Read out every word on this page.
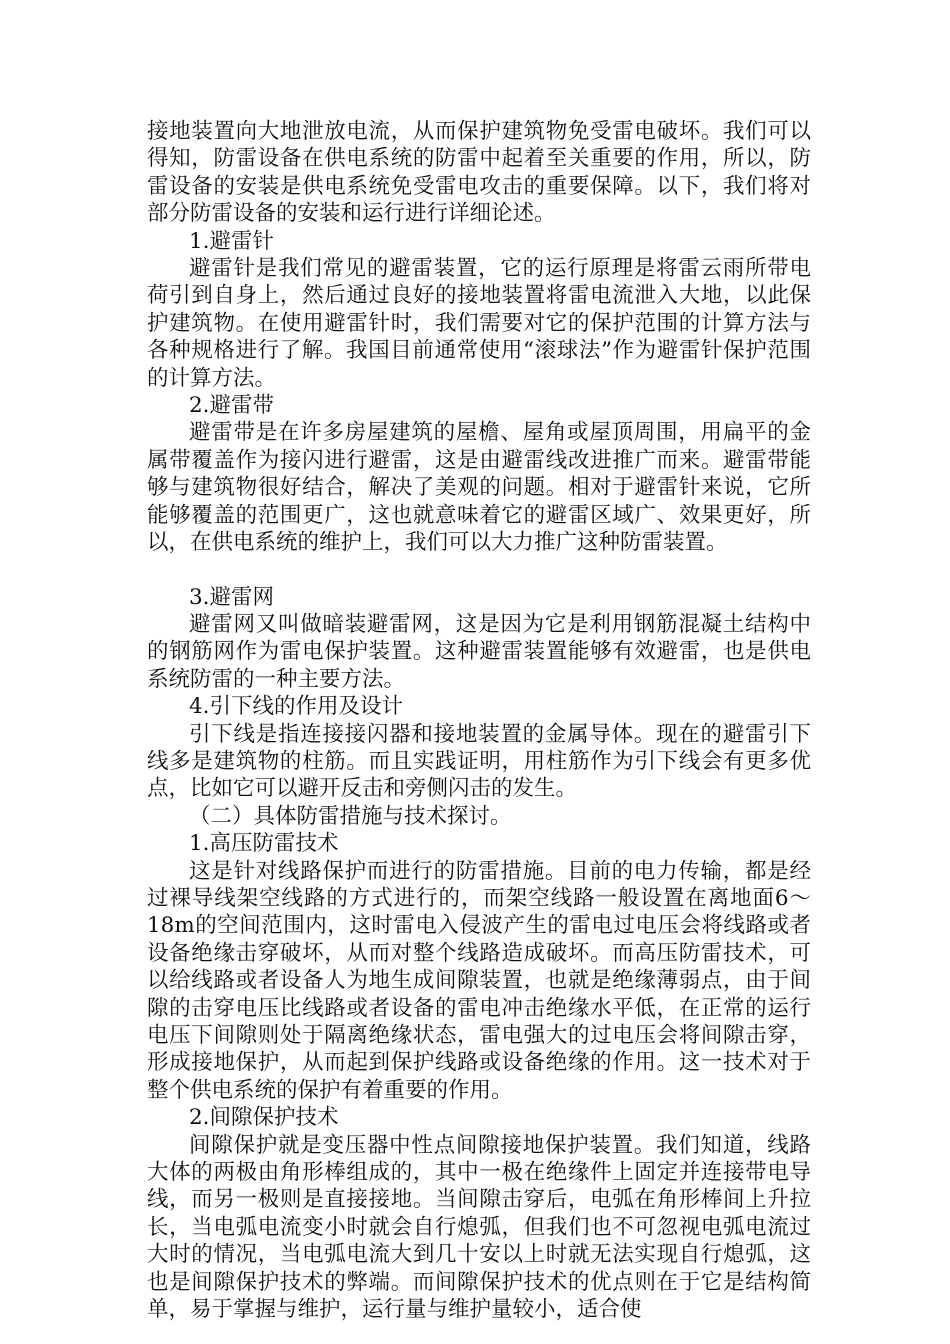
接地装置向大地泄放电流，从而保护建筑物免受雷电破坏。我们可以得知，防雷设备在供电系统的防雷中起着至关重要的作用，所以，防雷设备的安装是供电系统免受雷电攻击的重要保障。以下，我们将对部分防雷设备的安装和运行进行详细论述。

1.避雷针

避雷针是我们常见的避雷装置，它的运行原理是将雷云雨所带电荷引到自身上，然后通过良好的接地装置将雷电流泄入大地，以此保护建筑物。在使用避雷针时，我们需要对它的保护范围的计算方法与各种规格进行了解。我国目前通常使用“滚球法”作为避雷针保护范围的计算方法。

2.避雷带

避雷带是在许多房屋建筑的屋檐、屋角或屋顶周围，用扁平的金属带覆盖作为接闪进行避雷，这是由避雷线改进推广而来。避雷带能够与建筑物很好结合，解决了美观的问题。相对于避雷针来说，它所能够覆盖的范围更广，这也就意味着它的避雷区域广、效果更好，所以，在供电系统的维护上，我们可以大力推广这种防雷装置。

3.避雷网

避雷网又叫做暗装避雷网，这是因为它是利用钢筋混凝土结构中的钢筋网作为雷电保护装置。这种避雷装置能够有效避雷，也是供电系统防雷的一种主要方法。

4.引下线的作用及设计

引下线是指连接接闪器和接地装置的金属导体。现在的避雷引下线多是建筑物的柱筋。而且实践证明，用柱筋作为引下线会有更多优点，比如它可以避开反击和旁侧闪击的发生。

（二）具体防雷措施与技术探讨。

1.高压防雷技术

这是针对线路保护而进行的防雷措施。目前的电力传输，都是经过裸导线架空线路的方式进行的，而架空线路一般设置在离地面6～18m的空间范围内，这时雷电入侵波产生的雷电过电压会将线路或者设备绝缘击穿破坏，从而对整个线路造成破坏。而高压防雷技术，可以给线路或者设备人为地生成间隙装置，也就是绝缘薄弱点，由于间隙的击穿电压比线路或者设备的雷电冲击绝缘水平低，在正常的运行电压下间隙则处于隔离绝缘状态，雷电强大的过电压会将间隙击穿，形成接地保护，从而起到保护线路或设备绝缘的作用。这一技术对于整个供电系统的保护有着重要的作用。

2.间隙保护技术

间隙保护就是变压器中性点间隙接地保护装置。我们知道，线路大体的两极由角形棒组成的，其中一极在绝缘件上固定并连接带电导线，而另一极则是直接接地。当间隙击穿后，电弧在角形棒间上升拉长，当电弧电流变小时就会自行熄弧，但我们也不可忽视电弧电流过大时的情况，当电弧电流大到几十安以上时就无法实现自行熄弧，这也是间隙保护技术的弊端。而间隙保护技术的优点则在于它是结构简单，易于掌握与维护，运行量与维护量较小，适合使
